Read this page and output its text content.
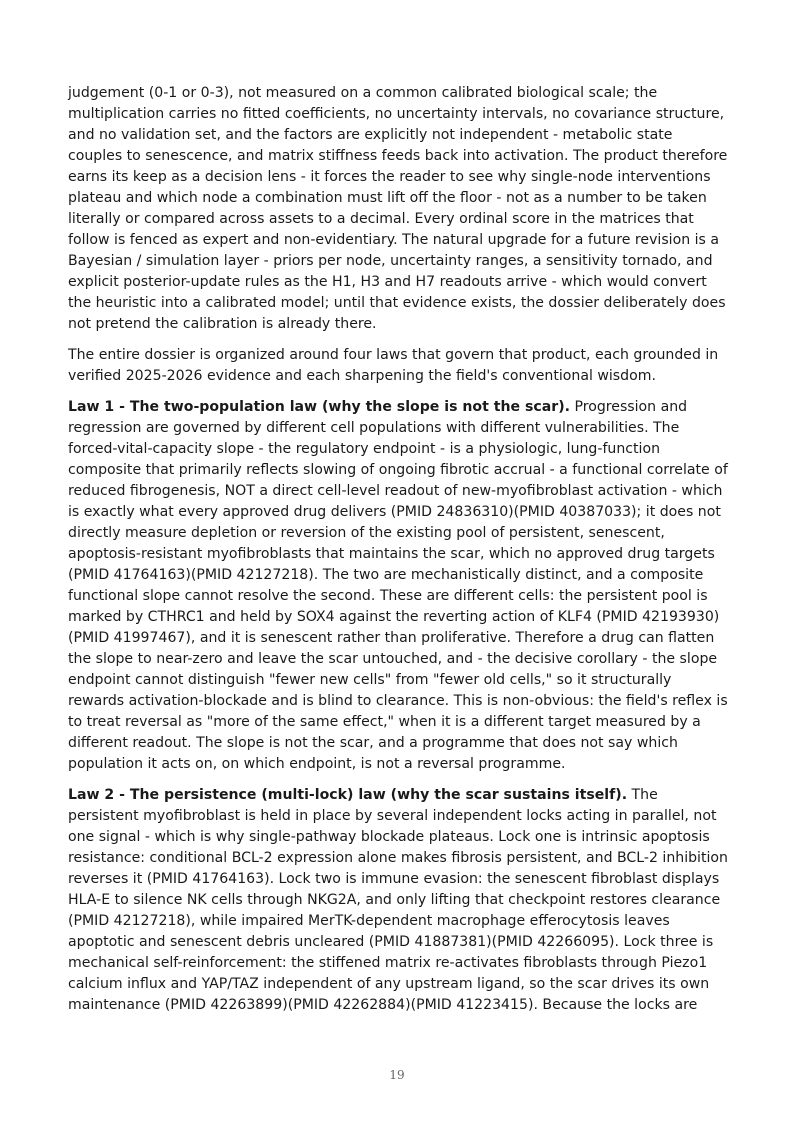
judgement (0-1 or 0-3), not measured on a common calibrated biological scale; the multiplication carries no fitted coefficients, no uncertainty intervals, no covariance structure, and no validation set, and the factors are explicitly not independent - metabolic state couples to senescence, and matrix stiffness feeds back into activation. The product therefore earns its keep as a decision lens - it forces the reader to see why single-node interventions plateau and which node a combination must lift off the floor - not as a number to be taken literally or compared across assets to a decimal. Every ordinal score in the matrices that follow is fenced as expert and non-evidentiary. The natural upgrade for a future revision is a Bayesian / simulation layer - priors per node, uncertainty ranges, a sensitivity tornado, and explicit posterior-update rules as the H1, H3 and H7 readouts arrive - which would convert the heuristic into a calibrated model; until that evidence exists, the dossier deliberately does not pretend the calibration is already there.

The entire dossier is organized around four laws that govern that product, each grounded in verified 2025-2026 evidence and each sharpening the field's conventional wisdom.

Law 1 - The two-population law (why the slope is not the scar). Progression and regression are governed by different cell populations with different vulnerabilities. The forced-vital-capacity slope - the regulatory endpoint - is a physiologic, lung-function composite that primarily reflects slowing of ongoing fibrotic accrual - a functional correlate of reduced fibrogenesis, NOT a direct cell-level readout of new-myofibroblast activation - which is exactly what every approved drug delivers (PMID 24836310)(PMID 40387033); it does not directly measure depletion or reversion of the existing pool of persistent, senescent, apoptosis-resistant myofibroblasts that maintains the scar, which no approved drug targets (PMID 41764163)(PMID 42127218). The two are mechanistically distinct, and a composite functional slope cannot resolve the second. These are different cells: the persistent pool is marked by CTHRC1 and held by SOX4 against the reverting action of KLF4 (PMID 42193930)(PMID 41997467), and it is senescent rather than proliferative. Therefore a drug can flatten the slope to near-zero and leave the scar untouched, and - the decisive corollary - the slope endpoint cannot distinguish "fewer new cells" from "fewer old cells," so it structurally rewards activation-blockade and is blind to clearance. This is non-obvious: the field's reflex is to treat reversal as "more of the same effect," when it is a different target measured by a different readout. The slope is not the scar, and a programme that does not say which population it acts on, on which endpoint, is not a reversal programme.

Law 2 - The persistence (multi-lock) law (why the scar sustains itself). The persistent myofibroblast is held in place by several independent locks acting in parallel, not one signal - which is why single-pathway blockade plateaus. Lock one is intrinsic apoptosis resistance: conditional BCL-2 expression alone makes fibrosis persistent, and BCL-2 inhibition reverses it (PMID 41764163). Lock two is immune evasion: the senescent fibroblast displays HLA-E to silence NK cells through NKG2A, and only lifting that checkpoint restores clearance (PMID 42127218), while impaired MerTK-dependent macrophage efferocytosis leaves apoptotic and senescent debris uncleared (PMID 41887381)(PMID 42266095). Lock three is mechanical self-reinforcement: the stiffened matrix re-activates fibroblasts through Piezo1 calcium influx and YAP/TAZ independent of any upstream ligand, so the scar drives its own maintenance (PMID 42263899)(PMID 42262884)(PMID 41223415). Because the locks are

19
